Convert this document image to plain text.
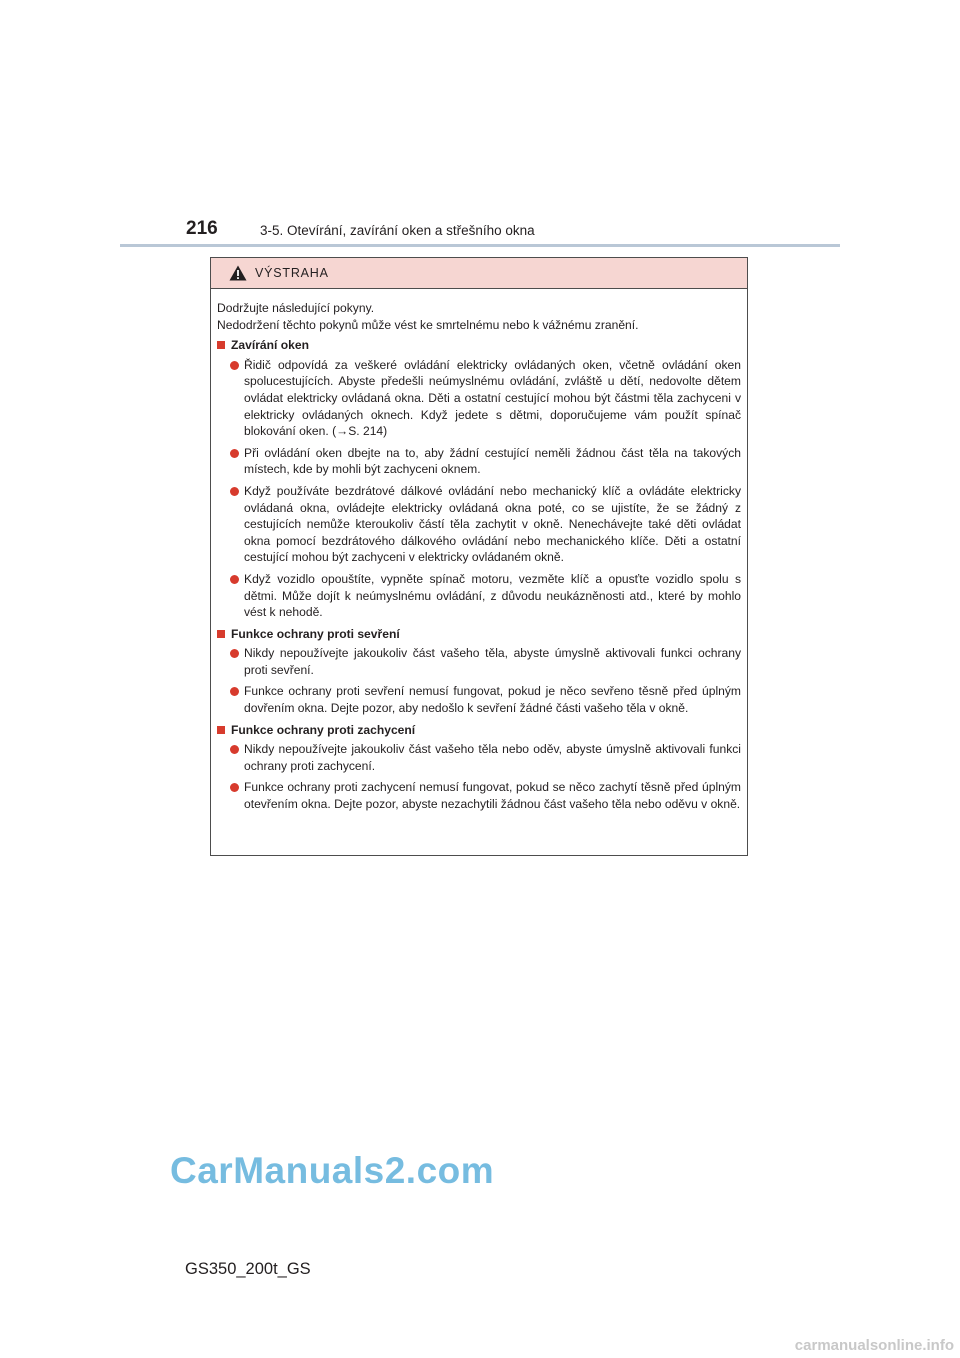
216	3-5. Otevírání, zavírání oken a střešního okna
VÝSTRAHA

Dodržujte následující pokyny.
Nedodržení těchto pokynů může vést ke smrtelnému nebo k vážnému zranění.

Zavírání oken
Řidič odpovídá za veškeré ovládání elektricky ovládaných oken, včetně ovládání oken spolucestujících. Abyste předešli neúmyslnému ovládání, zvláště u dětí, nedovolte dětem ovládat elektricky ovládaná okna. Děti a ostatní cestující mohou být částmi těla zachyceni v elektricky ovládaných oknech. Když jedete s dětmi, doporučujeme vám použít spínač blokování oken. (→S. 214)
Při ovládání oken dbejte na to, aby žádní cestující neměli žádnou část těla na takových místech, kde by mohli být zachyceni oknem.
Když používáte bezdrátové dálkové ovládání nebo mechanický klíč a ovládáte elektricky ovládaná okna, ovládejte elektricky ovládaná okna poté, co se ujistíte, že se žádný z cestujících nemůže kteroukoliv částí těla zachytit v okně. Nenechávejte také děti ovládat okna pomocí bezdrátového dálkového ovládání nebo mechanického klíče. Děti a ostatní cestující mohou být zachyceni v elektricky ovládaném okně.
Když vozidlo opouštíte, vypněte spínač motoru, vezměte klíč a opusťte vozidlo spolu s dětmi. Může dojít k neúmyslnému ovládání, z důvodu neukázněnosti atd., které by mohlo vést k nehodě.
Funkce ochrany proti sevření
Nikdy nepoužívejte jakoukoliv část vašeho těla, abyste úmyslně aktivovali funkci ochrany proti sevření.
Funkce ochrany proti sevření nemusí fungovat, pokud je něco sevřeno těsně před úplným dovřením okna. Dejte pozor, aby nedošlo k sevření žádné části vašeho těla v okně.
Funkce ochrany proti zachycení
Nikdy nepoužívejte jakoukoliv část vašeho těla nebo oděv, abyste úmyslně aktivovali funkci ochrany proti zachycení.
Funkce ochrany proti zachycení nemusí fungovat, pokud se něco zachytí těsně před úplným otevřením okna. Dejte pozor, abyste nezachytili žádnou část vašeho těla nebo oděvu v okně.
CarManuals2.com
GS350_200t_GS
carmanualsonline.info
